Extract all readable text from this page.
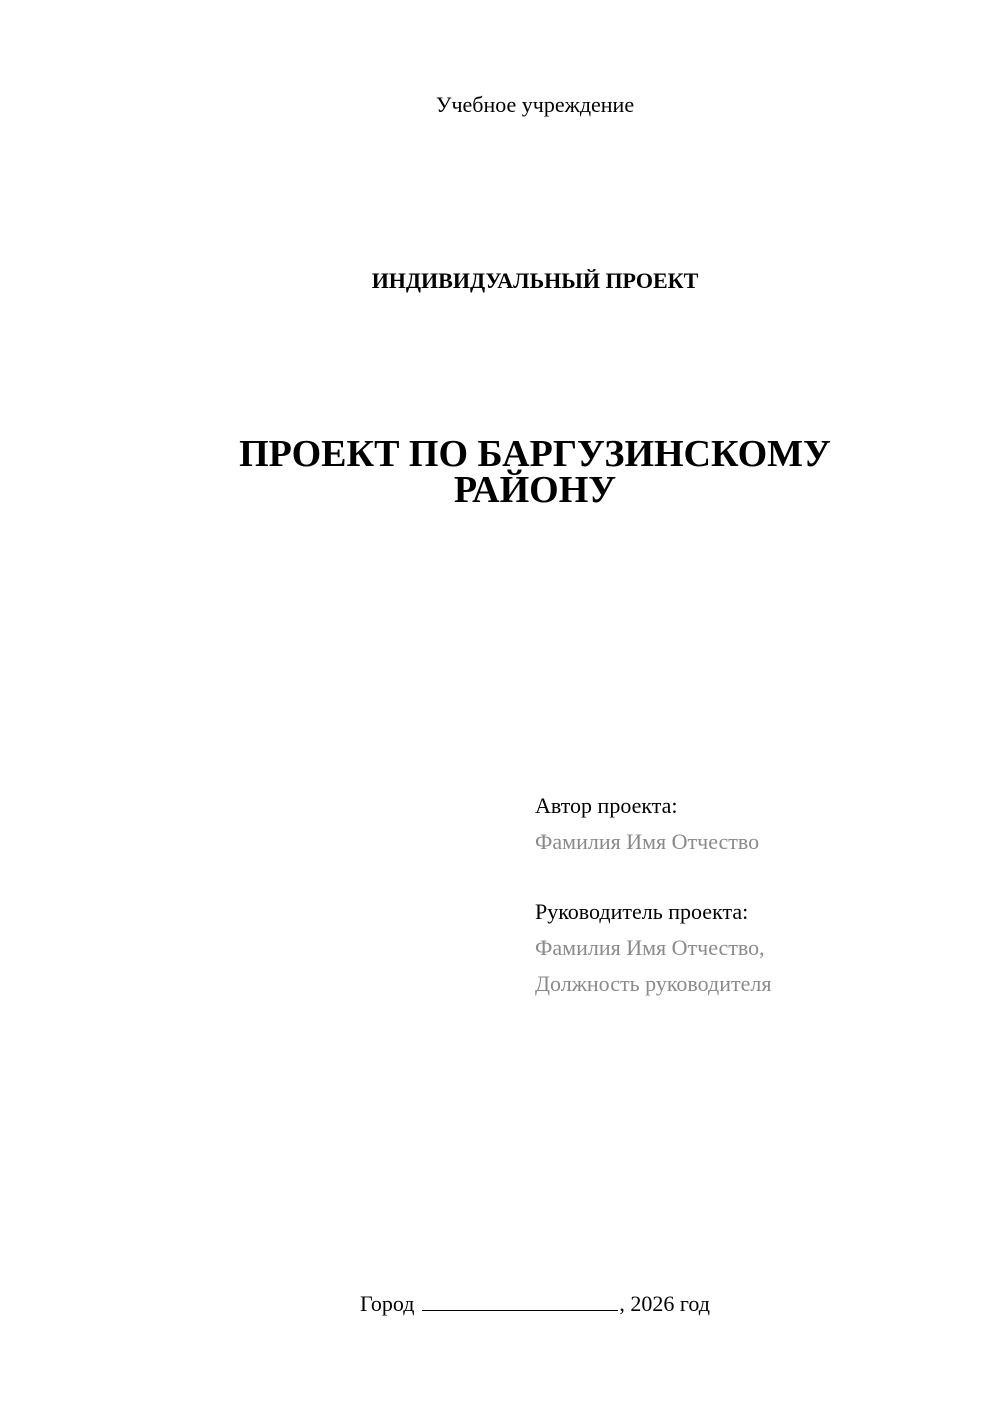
Учебное учреждение
ИНДИВИДУАЛЬНЫЙ ПРОЕКТ
ПРОЕКТ ПО БАРГУЗИНСКОМУ
РАЙОНУ
Автор проекта:
Фамилия Имя Отчество
Руководитель проекта:
Фамилия Имя Отчество,
Должность руководителя
Город	, 2026 год
